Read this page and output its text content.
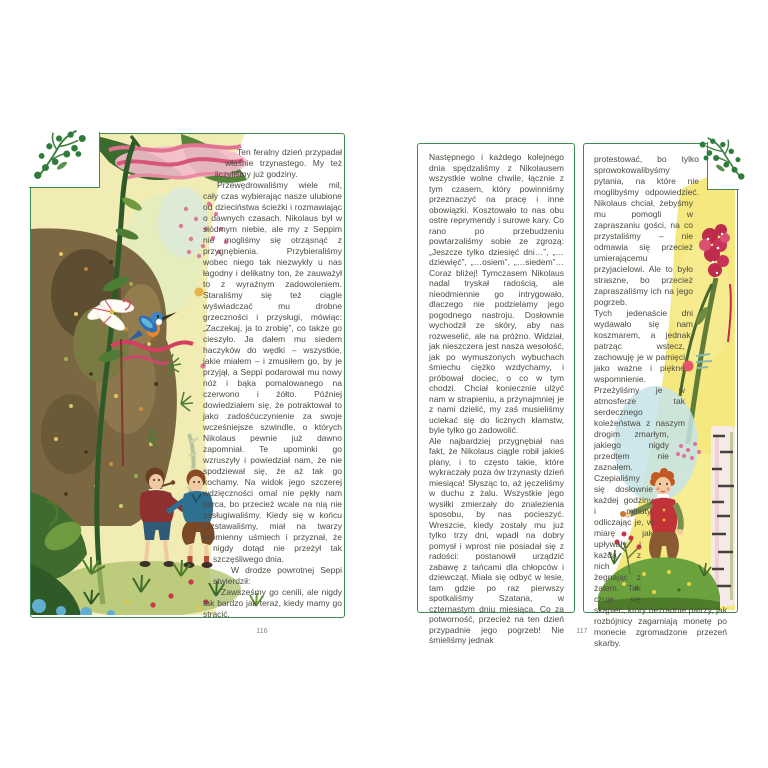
Ten feralny dzień przypadał właśnie trzynastego. My też liczyliśmy już godziny.

Przewędrowaliśmy wiele mil, cały czas wybierając nasze ulubione od dzieciństwa ścieżki i rozmawiając o dawnych czasach. Nikolaus był w siódmym niebie, ale my z Seppim nie mogliśmy się otrząsnąć z przygnębienia. Przybieraliśmy wobec niego tak niezwykły u nas łagodny i delikatny ton, że zauważył to z wyraźnym zadowoleniem. Staraliśmy się też ciągle wyświadczać mu drobne grzeczności i przysługi, mówiąc: „Zaczekaj, ja to zrobię”, co także go cieszyło. Ja dałem mu siedem haczyków do wędki – wszystkie, jakie miałem – i zmusiłem go, by je przyjął, a Seppi podarował mu nowy nóż i bąka pomalowanego na czerwono i żółto. Później dowiedziałem się, że potraktował to jako zadośćuczynienie za swoje wcześniejsze szwindle, o których Nikolaus pewnie już dawno zapomniał. Te upominki go wzruszyły i powiedział nam, że nie spodziewał się, że aż tak go kochamy. Na widok jego szczerej wdzięczności omal nie pękły nam serca, bo przecież wcale na nią nie zasługiwaliśmy. Kiedy się w końcu rozstawaliśmy, miał na twarzy promienny uśmiech i przyznał, że nigdy dotąd nie przeżył tak szczęśliwego dnia.

W drodze powrotnej Seppi stwierdził:

– Zawsześmy go cenili, ale nigdy tak bardzo jak teraz, kiedy mamy go stracić.

Następnego i każdego kolejnego dnia spędzaliśmy z Nikolausem wszystkie wolne chwile, łącznie z tym czasem, który powinniśmy przeznaczyć na pracę i inne obowiązki. Kosztowało to nas obu ostre reprymendy i surowe kary. Co rano po przebudzeniu powtarzaliśmy sobie ze zgrozą: „Jeszcze tylko dziesięć dni…”, „…dziewięć”, „…osiem”, „…siedem”… Coraz bliżej! Tymczasem Nikolaus nadal tryskał radością, ale nieodmiennie go intrygowało, dlaczego nie podzielamy jego pogodnego nastroju. Dosłownie wychodził ze skóry, aby nas rozweselić, ale na próżno. Widział, jak nieszczera jest nasza wesołość, jak po wymuszonych wybuchach śmiechu ciężko wzdychamy, i próbował dociec, o co w tym chodzi. Chciał koniecznie ulżyć nam w strapieniu, a przynajmniej je z nami dzielić, my zaś musieliśmy uciekać się do licznych kłamstw, byle tylko go zadowolić.

Ale najbardziej przygnębiał nas fakt, że Nikolaus ciągle robił jakieś plany, i to często takie, które wykraczały poza ów trzynasty dzień miesiąca! Słysząc to, aż jęczeliśmy w duchu z żalu. Wszystkie jego wysiłki zmierzały do znalezienia sposobu, by nas pocieszyć. Wreszcie, kiedy zostały mu już tylko trzy dni, wpadł na dobry pomysł i wprost nie posiadał się z radości: postanowił urządzić zabawę z tańcami dla chłopców i dziewcząt. Miała się odbyć w lesie, tam gdzie po raz pierwszy spotkaliśmy Szatana, w czternastym dniu miesiąca. Co za potworność, przecież na ten dzień przypadnie jego pogrzeb! Nie śmieliśmy jednak

protestować, bo tylko sprowokowalibyśmy pytania, na które nie moglibyśmy odpowiedzieć. Nikolaus chciał, żebyśmy mu pomogli w zapraszaniu gości, na co przystaliśmy – nie odmawia się przecież umierającemu przyjacielowi. Ale to było straszne, bo przecież zapraszaliśmy ich na jego pogrzeb.

Tych jedenaście dni wydawało się nam koszmarem, a jednak, patrząc wstecz, zachowuję je w pamięci jako ważne i piękne wspomnienie. Przeżyliśmy je w atmosferze tak serdecznego koleżeństwa z naszym drogim zmarłym, jakiego nigdy przedtem nie zaznałem. Czepialiśmy się dosłownie każdej godziny i minuty, odliczając je, w miarę jak upływały, i każdą z nich żegnając z żalem. Tak czuje się skąpiec, który bezradnie patrzy, jak rozbójnicy zagarniają monetę po monecie zgromadzone przezeń skarby.

116	117
